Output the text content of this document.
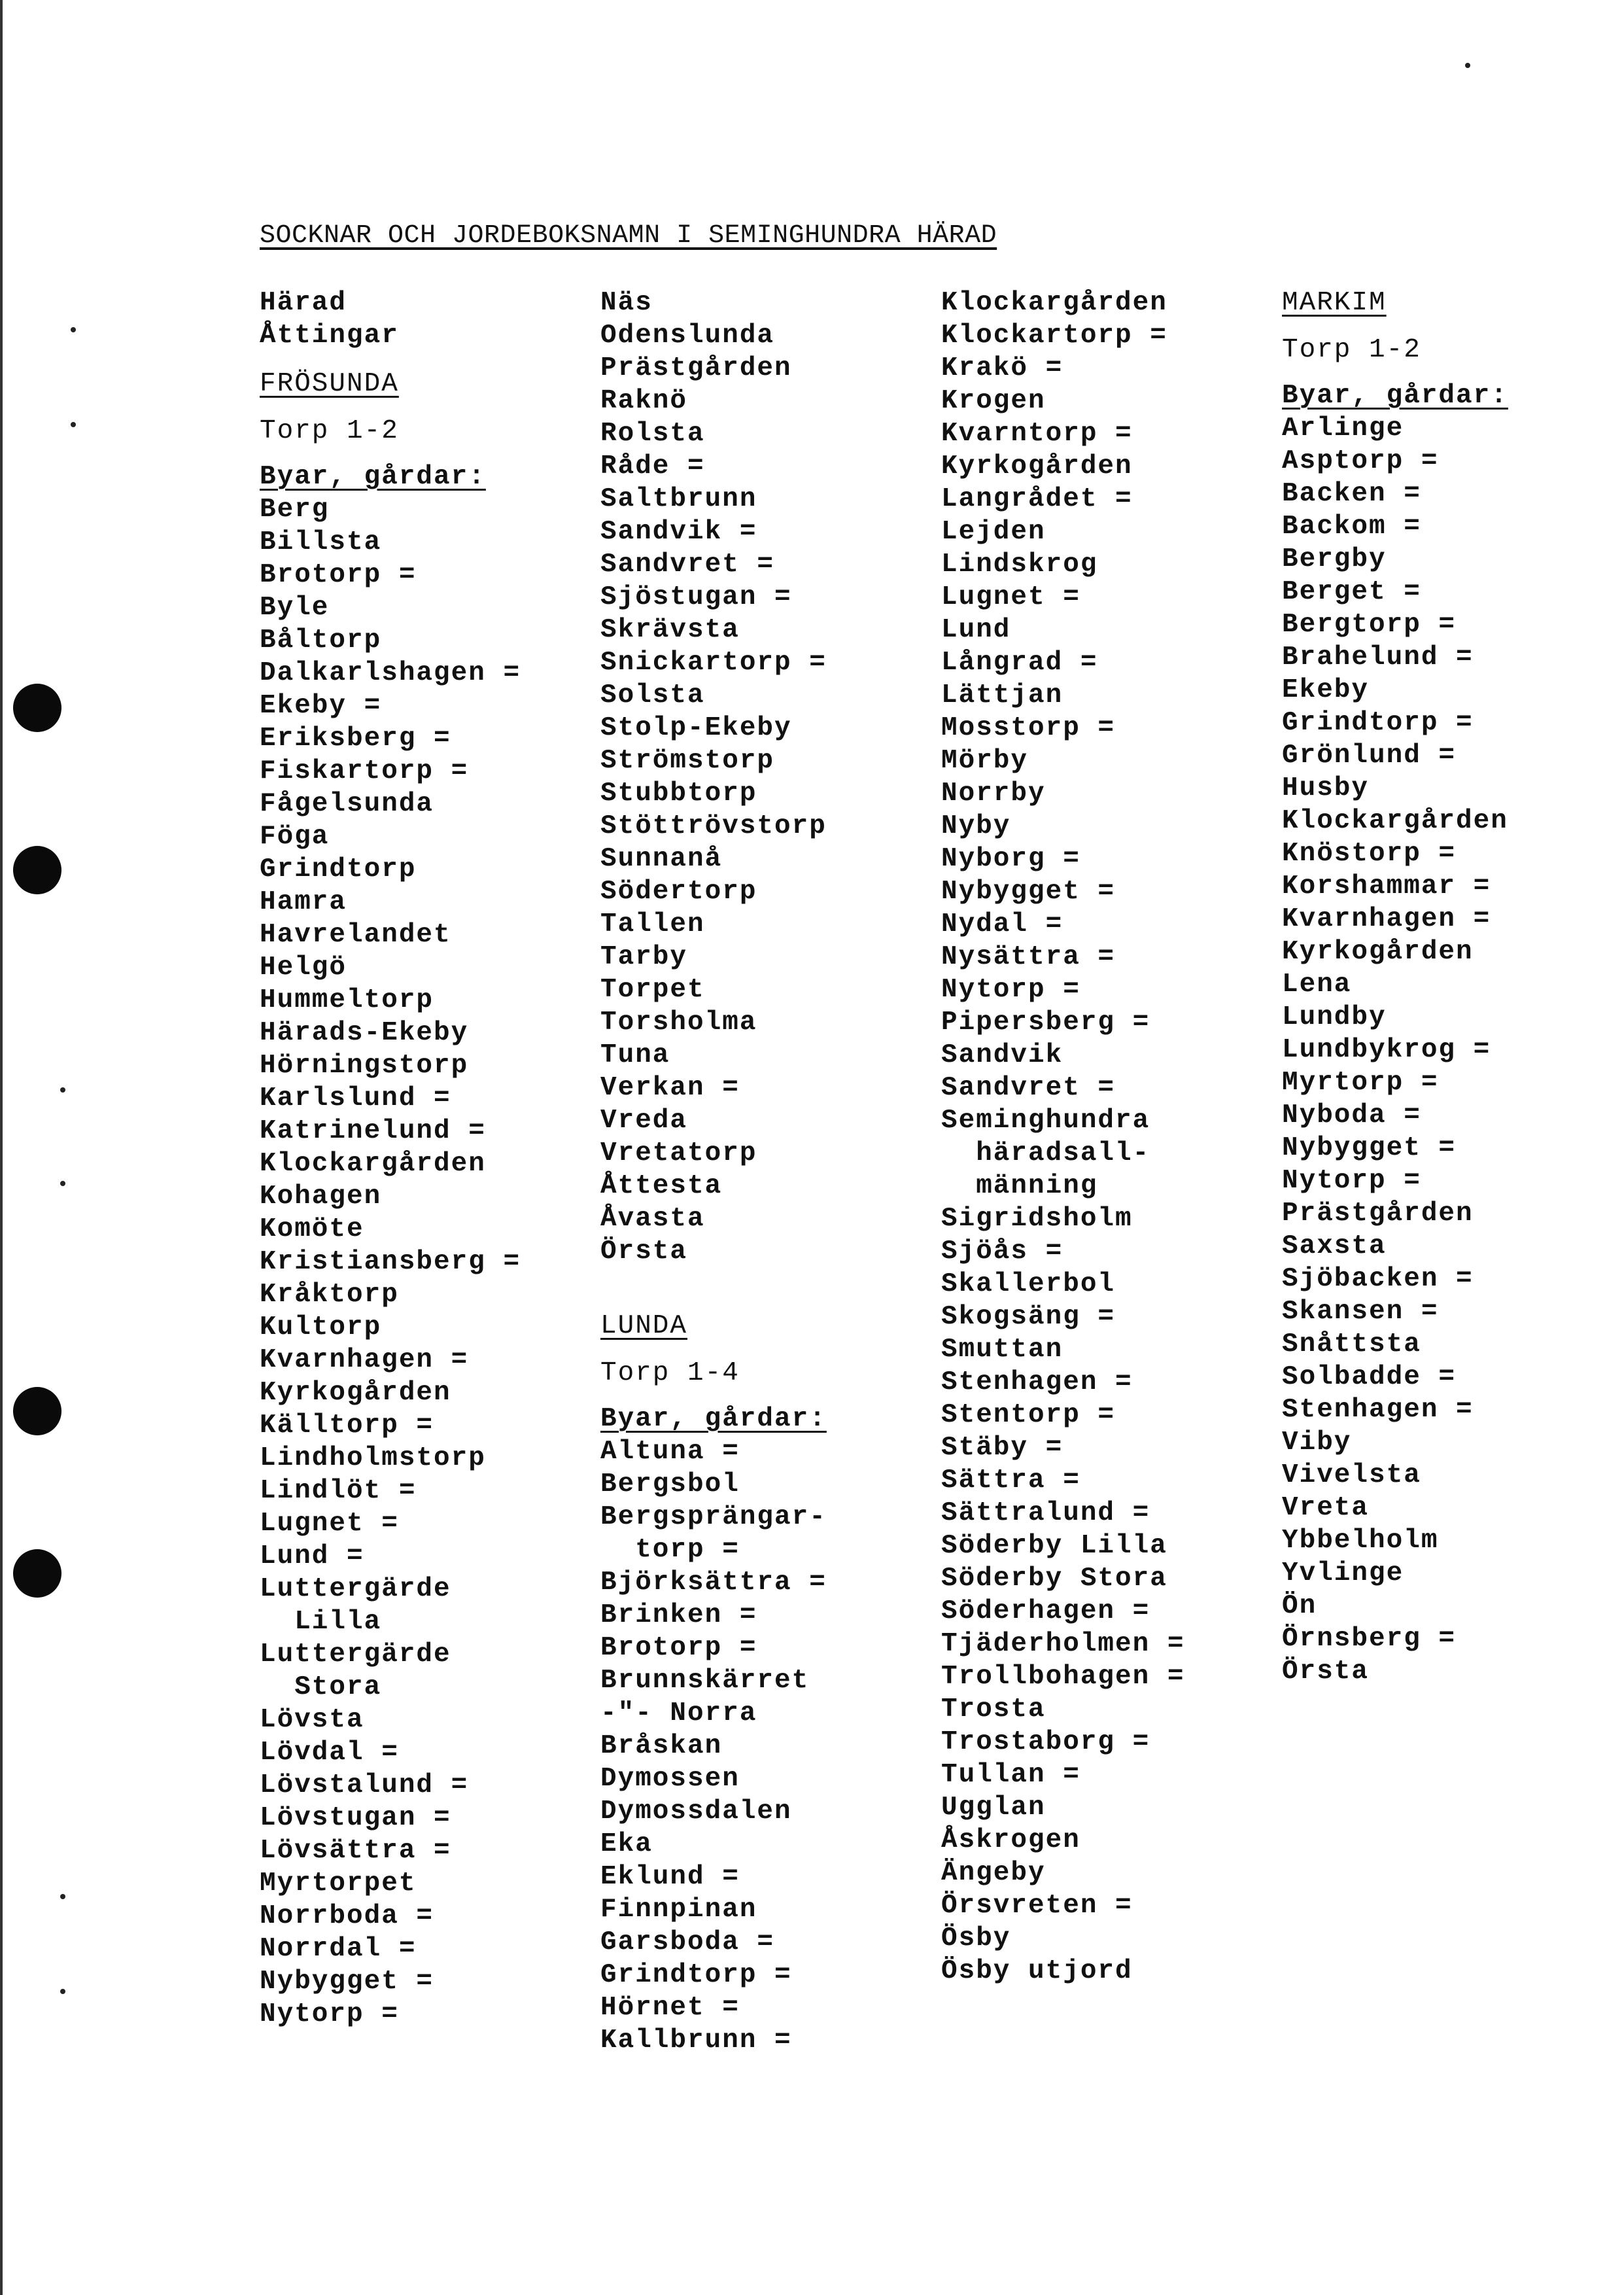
SOCKNAR OCH JORDEBOKSNAMN I SEMINGHUNDRA HÄRAD
Härad
Åttingar
FRÖSUNDA
Torp 1-2
Byar, gårdar:
Berg
Billsta
Brotorp =
Byle
Båltorp
Dalkarlshagen =
Ekeby =
Eriksberg =
Fiskartorp =
Fågelsunda
Föga
Grindtorp
Hamra
Havrelandet
Helgö
Hummeltorp
Härads-Ekeby
Hörningstorp
Karlslund =
Katrinelund =
Klockargården
Kohagen
Komöte
Kristiansberg =
Kråktorp
Kultorp
Kvarnhagen =
Kyrkogården
Källtorp =
Lindholmstorp
Lindlöt =
Lugnet =
Lund =
Luttergärde
Lilla
Luttergärde
Stora
Lövsta
Lövdal =
Lövstalund =
Lövstugan =
Lövsättra =
Myrtorpet
Norrboda =
Norrdal =
Nybygget =
Nytorp =
Näs
Odenslunda
Prästgården
Raknö
Rolsta
Råde =
Saltbrunn
Sandvik =
Sandvret =
Sjöstugan =
Skrävsta
Snickartorp =
Solsta
Stolp-Ekeby
Strömstorp
Stubbtorp
Stöttrövstorp
Sunnanå
Södertorp
Tallen
Tarby
Torpet
Torsholma
Tuna
Verkan =
Vreda
Vretatorp
Åttesta
Åvasta
Örsta
LUNDA
Torp 1-4
Byar, gårdar:
Altuna =
Bergsbol
Bergsprängar-
torp =
Björksättra =
Brinken =
Brotorp =
Brunnskärret
-"- Norra
Bråskan
Dymossen
Dymossdalen
Eka
Eklund =
Finnpinan
Garsboda =
Grindtorp =
Hörnet =
Kallbrunn =
Klockargården
Klockartorp =
Krakö =
Krogen
Kvarntorp =
Kyrkogården
Langrådet =
Lejden
Lindskrog
Lugnet =
Lund
Långrad =
Lättjan
Mosstorp =
Mörby
Norrby
Nyby
Nyborg =
Nybygget =
Nydal =
Nysättra =
Nytorp =
Pipersberg =
Sandvik
Sandvret =
Seminghundra
häradsall-
männing
Sigridsholm
Sjöås =
Skallerbol
Skogsäng =
Smuttan
Stenhagen =
Stentorp =
Stäby =
Sättra =
Sättralund =
Söderby Lilla
Söderby Stora
Söderhagen =
Tjäderholmen =
Trollbohagen =
Trosta
Trostaborg =
Tullan =
Ugglan
Åskrogen
Ängeby
Örsvreten =
Ösby
Ösby utjord
MARKIM
Torp 1-2
Byar, gårdar:
Arlinge
Asptorp =
Backen =
Backom =
Bergby
Berget =
Bergtorp =
Brahelund =
Ekeby
Grindtorp =
Grönlund =
Husby
Klockargården
Knöstorp =
Korshammar =
Kvarnhagen =
Kyrkogården
Lena
Lundby
Lundbykrog =
Myrtorp =
Nyboda =
Nybygget =
Nytorp =
Prästgården
Saxsta
Sjöbacken =
Skansen =
Snåttsta
Solbadde =
Stenhagen =
Viby
Vivelsta
Vreta
Ybbelholm
Yvlinge
Ön
Örnsberg =
Örsta
